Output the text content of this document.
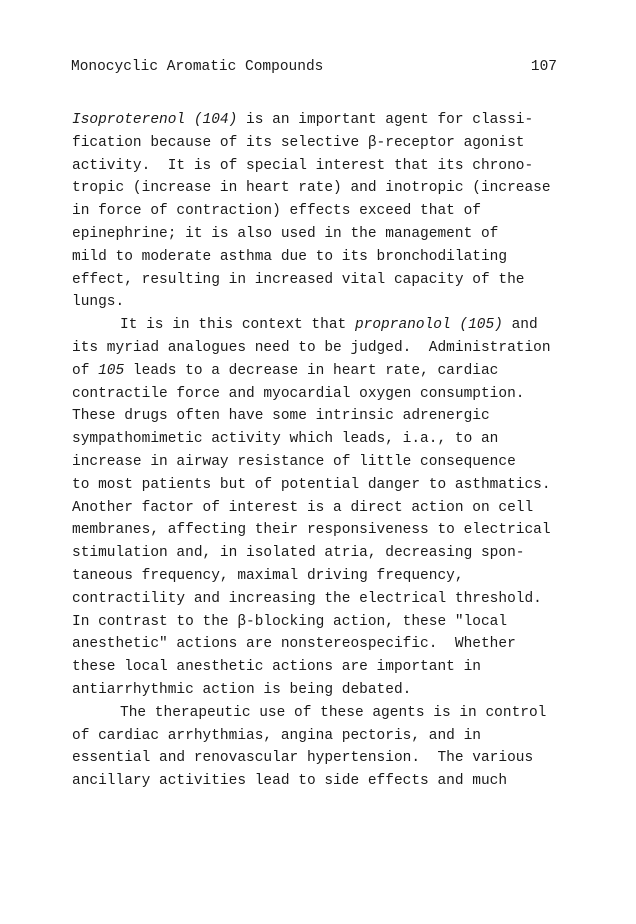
Monocyclic Aromatic Compounds	107
Isoproterenol (104) is an important agent for classi-
fication because of its selective β-receptor agonist
activity.  It is of special interest that its chrono-
tropic (increase in heart rate) and inotropic (increase
in force of contraction) effects exceed that of
epinephrine; it is also used in the management of
mild to moderate asthma due to its bronchodilating
effect, resulting in increased vital capacity of the
lungs.
It is in this context that propranolol (105) and
its myriad analogues need to be judged.  Administration
of 105 leads to a decrease in heart rate, cardiac
contractile force and myocardial oxygen consumption.
These drugs often have some intrinsic adrenergic
sympathomimetic activity which leads, i.a., to an
increase in airway resistance of little consequence
to most patients but of potential danger to asthmatics.
Another factor of interest is a direct action on cell
membranes, affecting their responsiveness to electrical
stimulation and, in isolated atria, decreasing spon-
taneous frequency, maximal driving frequency,
contractility and increasing the electrical threshold.
In contrast to the β-blocking action, these "local
anesthetic" actions are nonstereospecific.  Whether
these local anesthetic actions are important in
antiarrhythmic action is being debated.
The therapeutic use of these agents is in control
of cardiac arrhythmias, angina pectoris, and in
essential and renovascular hypertension.  The various
ancillary activities lead to side effects and much
